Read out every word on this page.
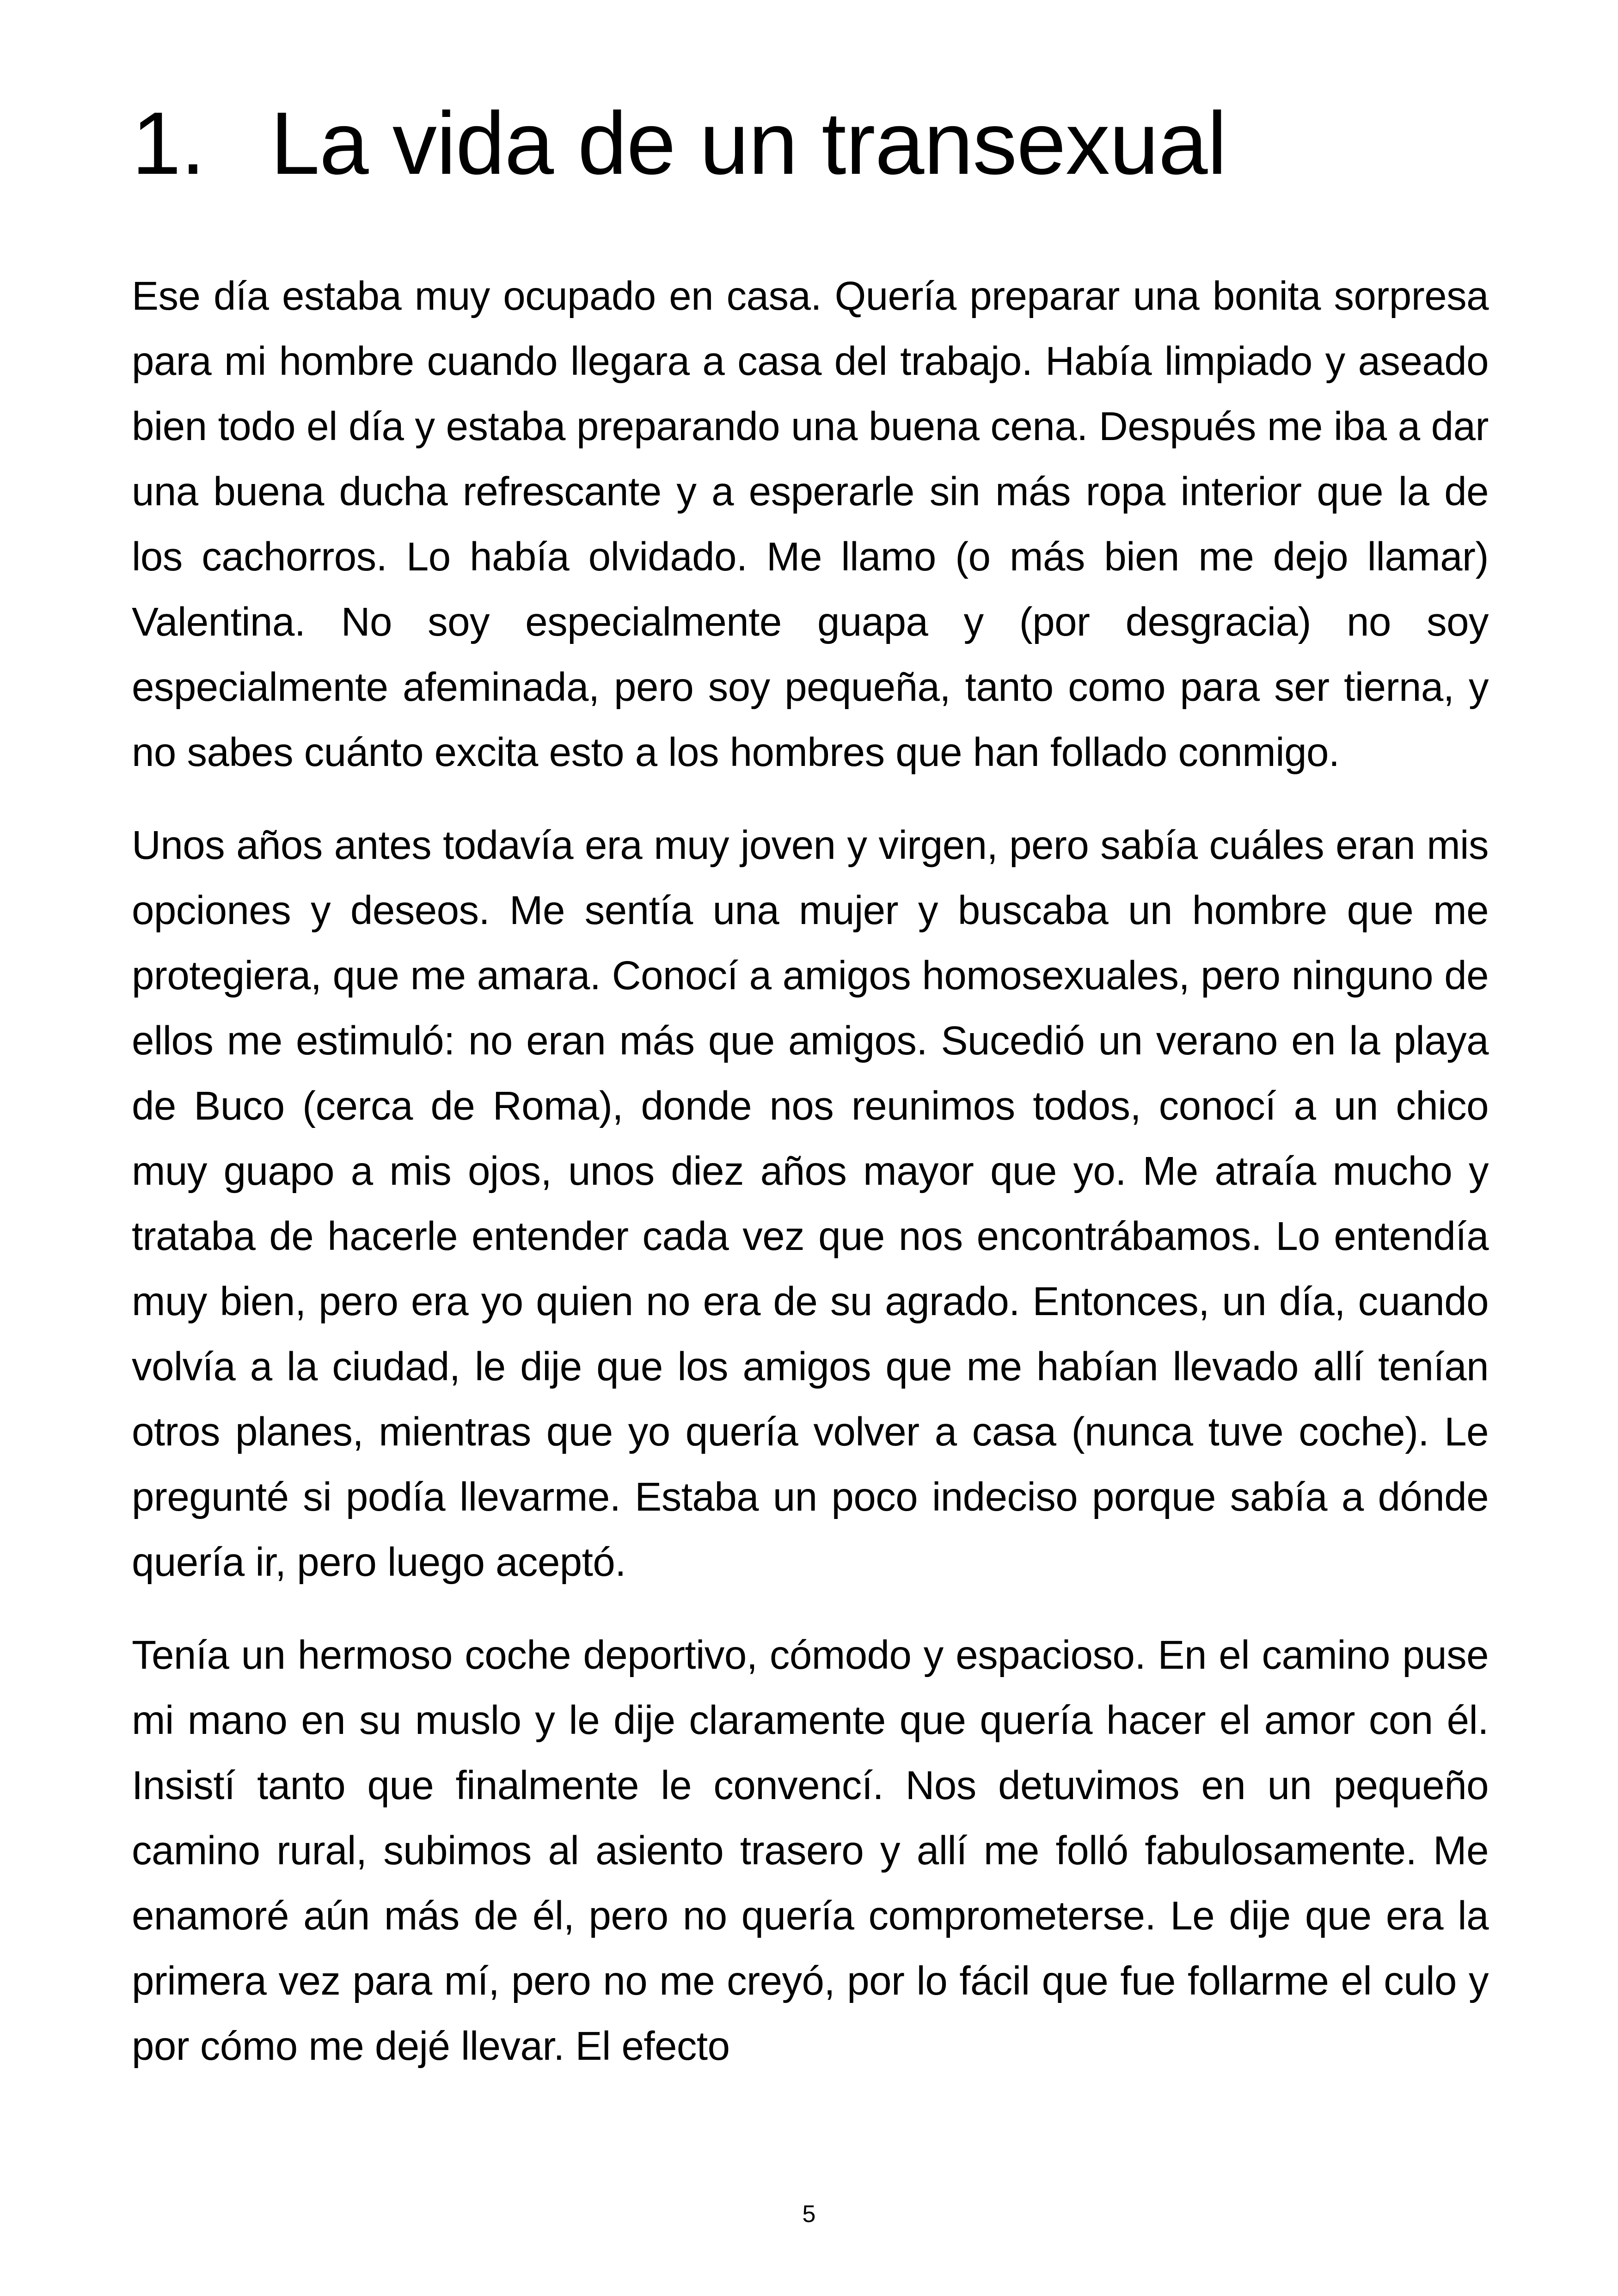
1. La vida de un transexual

Ese día estaba muy ocupado en casa. Quería preparar una bonita sorpresa para mi hombre cuando llegara a casa del trabajo. Había limpiado y aseado bien todo el día y estaba preparando una buena cena. Después me iba a dar una buena ducha refrescante y a esperarle sin más ropa interior que la de los cachorros. Lo había olvidado. Me llamo (o más bien me dejo llamar) Valentina. No soy especialmente guapa y (por desgracia) no soy especialmente afeminada, pero soy pequeña, tanto como para ser tierna, y no sabes cuánto excita esto a los hombres que han follado conmigo.

Unos años antes todavía era muy joven y virgen, pero sabía cuáles eran mis opciones y deseos. Me sentía una mujer y buscaba un hombre que me protegiera, que me amara. Conocí a amigos homosexuales, pero ninguno de ellos me estimuló: no eran más que amigos. Sucedió un verano en la playa de Buco (cerca de Roma), donde nos reunimos todos, conocí a un chico muy guapo a mis ojos, unos diez años mayor que yo. Me atraía mucho y trataba de hacerle entender cada vez que nos encontrábamos. Lo entendía muy bien, pero era yo quien no era de su agrado. Entonces, un día, cuando volvía a la ciudad, le dije que los amigos que me habían llevado allí tenían otros planes, mientras que yo quería volver a casa (nunca tuve coche). Le pregunté si podía llevarme. Estaba un poco indeciso porque sabía a dónde quería ir, pero luego aceptó.

Tenía un hermoso coche deportivo, cómodo y espacioso. En el camino puse mi mano en su muslo y le dije claramente que quería hacer el amor con él. Insistí tanto que finalmente le convencí. Nos detuvimos en un pequeño camino rural, subimos al asiento trasero y allí me folló fabulosamente. Me enamoré aún más de él, pero no quería comprometerse. Le dije que era la primera vez para mí, pero no me creyó, por lo fácil que fue follarme el culo y por cómo me dejé llevar. El efecto

5
